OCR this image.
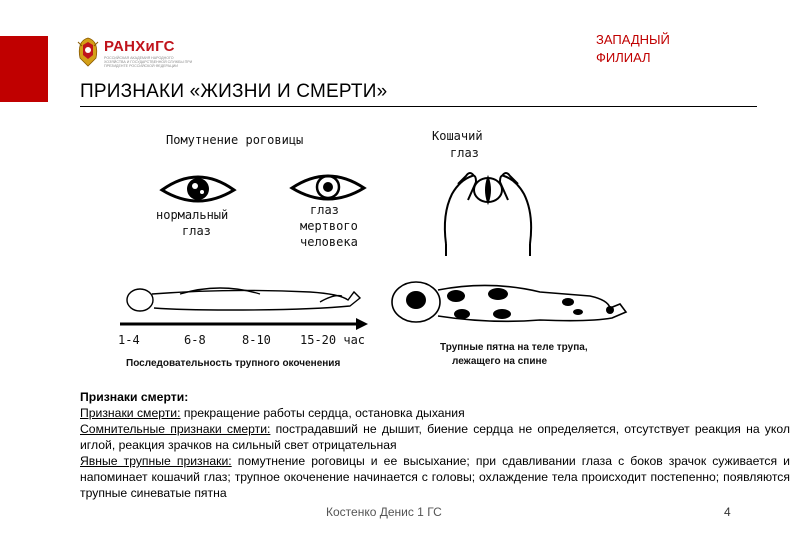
РАНХиГС
РОССИЙСКАЯ АКАДЕМИЯ НАРОДНОГО ХОЗЯЙСТВА И ГОСУДАРСТВЕННОЙ СЛУЖБЫ ПРИ ПРЕЗИДЕНТЕ РОССИЙСКОЙ ФЕДЕРАЦИИ
ЗАПАДНЫЙ
ФИЛИАЛ
ПРИЗНАКИ «ЖИЗНИ И СМЕРТИ»
Помутнение роговицы
нормальный
глаз
глаз
мертвого
человека
Кошачий
глаз
1-4	6-8	8-10 15-20 час
Последовательность трупного окоченения
Трупные пятна на теле трупа,
лежащего на спине
Признаки смерти:

Признаки смерти: прекращение работы сердца, остановка дыхания

Сомнительные признаки смерти: пострадавший не дышит, биение сердца не определяется, отсутствует реакция на укол иглой, реакция зрачков на сильный свет отрицательная

Явные трупные признаки: помутнение роговицы и ее высыхание; при сдавливании глаза с боков зрачок суживается и напоминает кошачий глаз; трупное окоченение начинается с головы; охлаждение тела происходит постепенно; появляются трупные синеватые пятна

Костенко Денис 1 ГС	4
